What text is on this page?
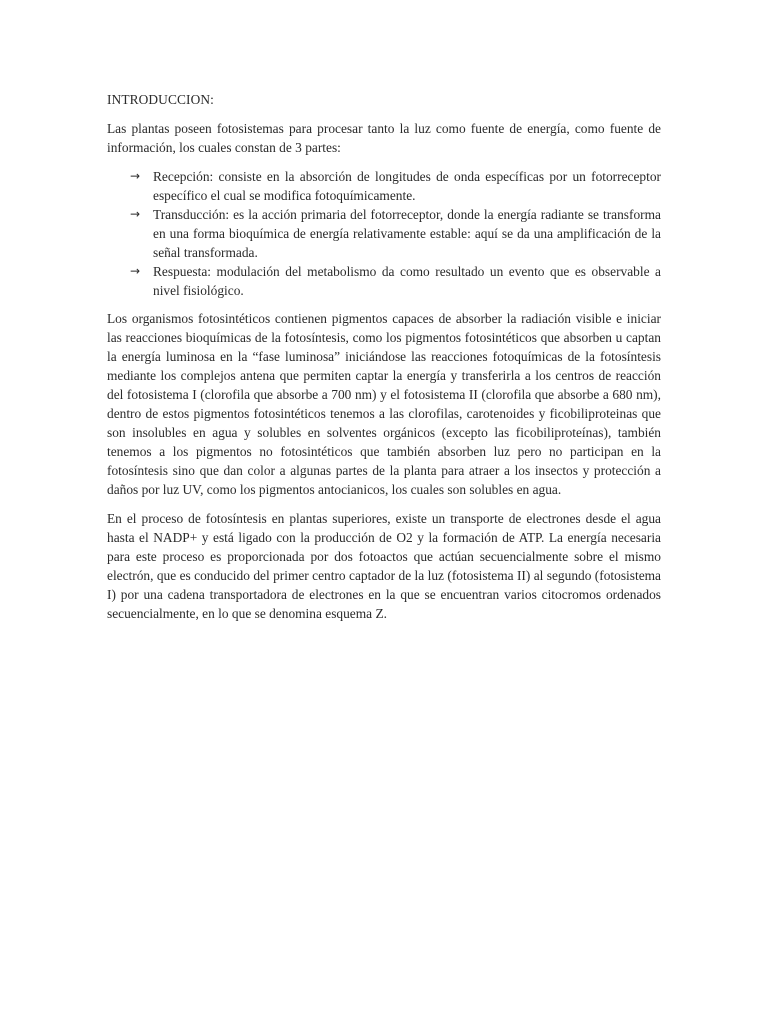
INTRODUCCION:

Las plantas poseen fotosistemas para procesar tanto la luz como fuente de energía, como fuente de información, los cuales constan de 3 partes:

→ Recepción: consiste en la absorción de longitudes de onda específicas por un fotorreceptor específico el cual se modifica fotoquímicamente.
→ Transducción: es la acción primaria del fotorreceptor, donde la energía radiante se transforma en una forma bioquímica de energía relativamente estable: aquí se da una amplificación de la señal transformada.
→ Respuesta: modulación del metabolismo da como resultado un evento que es observable a nivel fisiológico.

Los organismos fotosintéticos contienen pigmentos capaces de absorber la radiación visible e iniciar las reacciones bioquímicas de la fotosíntesis, como los pigmentos fotosintéticos que absorben u captan la energía luminosa en la “fase luminosa” iniciándose las reacciones fotoquímicas de la fotosíntesis mediante los complejos antena que permiten captar la energía y transferirla a los centros de reacción del fotosistema I (clorofila que absorbe a 700 nm) y el fotosistema II (clorofila que absorbe a 680 nm), dentro de estos pigmentos fotosintéticos tenemos a las clorofilas, carotenoides y ficobiliproteinas que son insolubles en agua y solubles en solventes orgánicos (excepto las ficobiliproteínas), también tenemos a los pigmentos no fotosintéticos que también absorben luz pero no participan en la fotosíntesis sino que dan color a algunas partes de la planta para atraer a los insectos y protección a daños por luz UV, como los pigmentos antocianicos, los cuales son solubles en agua.

En el proceso de fotosíntesis en plantas superiores, existe un transporte de electrones desde el agua hasta el NADP+ y está ligado con la producción de O2 y la formación de ATP. La energía necesaria para este proceso es proporcionada por dos fotoactos que actúan secuencialmente sobre el mismo electrón, que es conducido del primer centro captador de la luz (fotosistema II) al segundo (fotosistema I) por una cadena transportadora de electrones en la que se encuentran varios citocromos ordenados secuencialmente, en lo que se denomina esquema Z.
